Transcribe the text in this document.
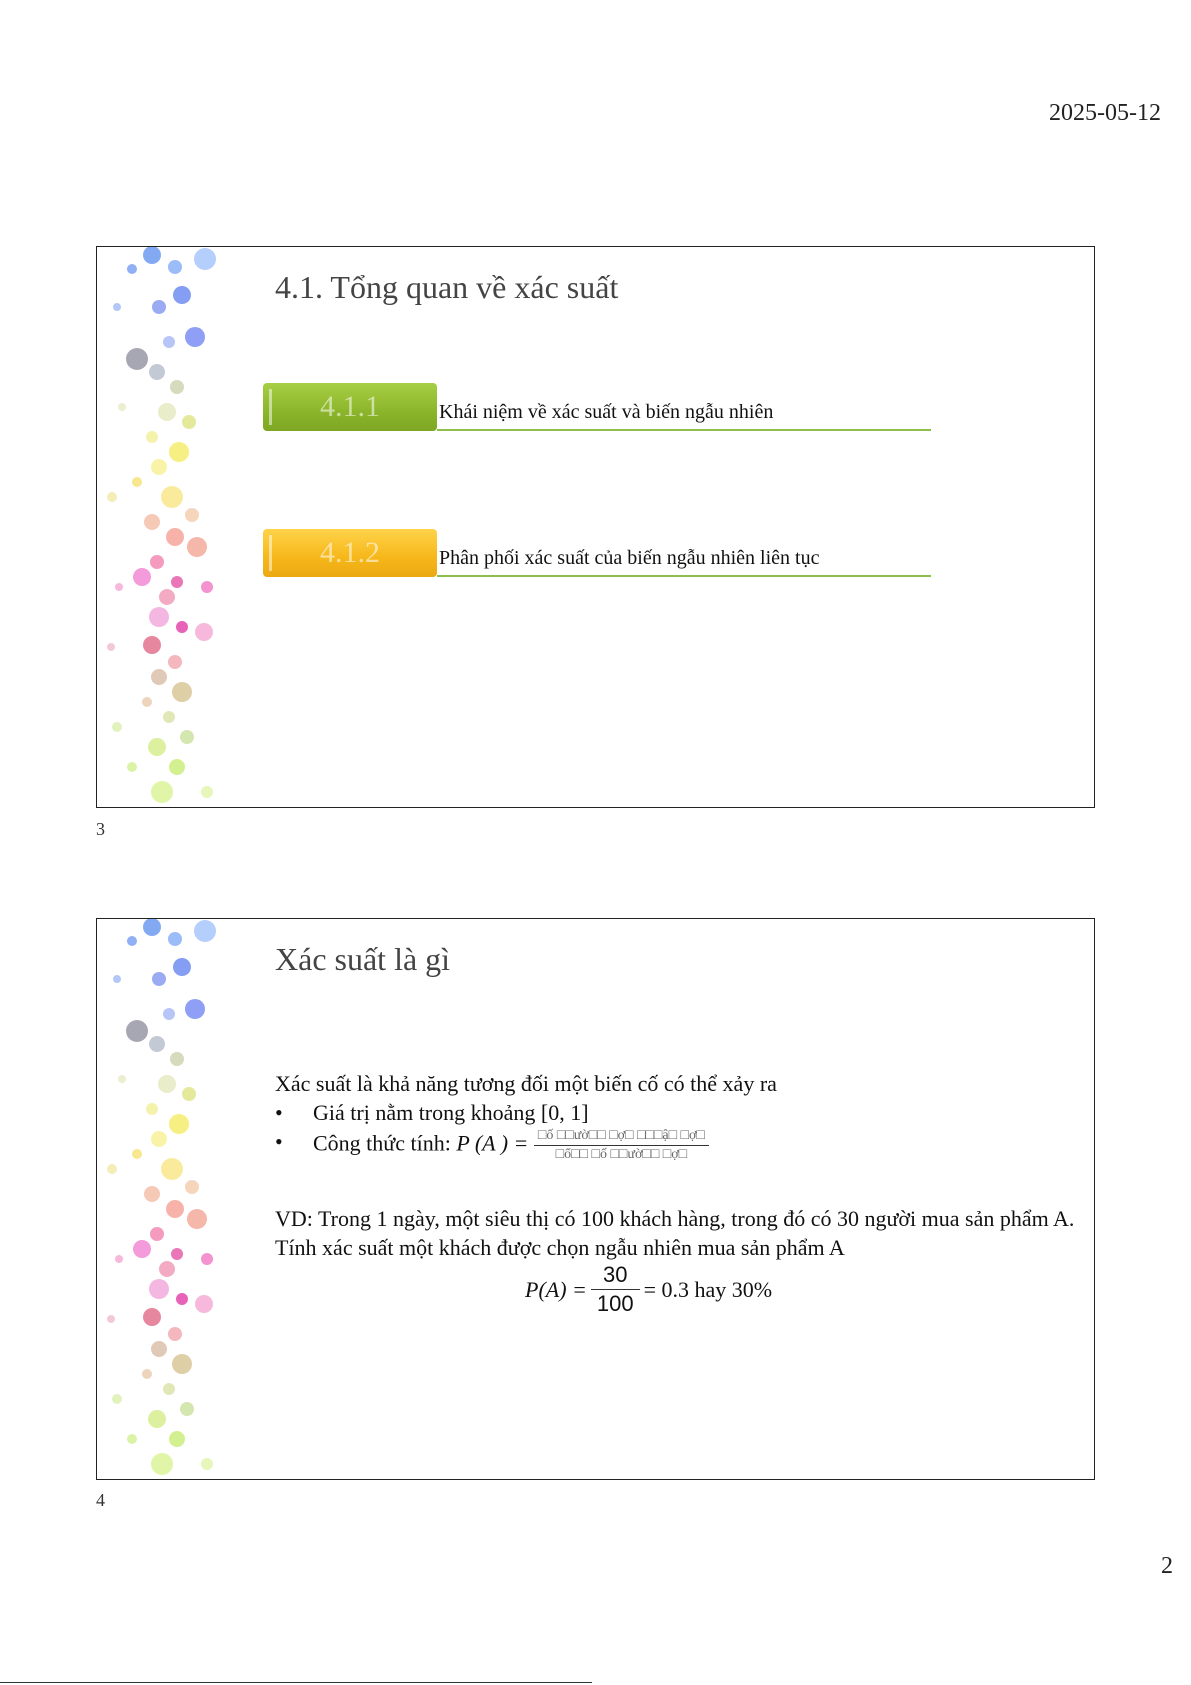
2025-05-12
4.1. Tổng quan về xác suất
4.1.1	Khái niệm về xác suất và biến ngẫu nhiên
4.1.2	Phân phối xác suất của biến ngẫu nhiên liên tục
3
Xác suất là gì
Xác suất là khả năng tương đối một biến cố có thể xảy ra
• Giá trị nằm trong khoảng [0, 1]
• Công thức tính: P (A ) = $\frac{\text{□ố □□ườ□□ □ợ□ □□□ậ□ □ợ□}}{\text{□ổ□□ □ố □□ườ□□ □ợ□}}$
VD: Trong 1 ngày, một siêu thị có 100 khách hàng, trong đó có 30 người mua sản phẩm A. Tính xác suất một khách được chọn ngẫu nhiên mua sản phẩm A
$P(A) = \frac{30}{100} = 0.3$ hay 30%
4
2
